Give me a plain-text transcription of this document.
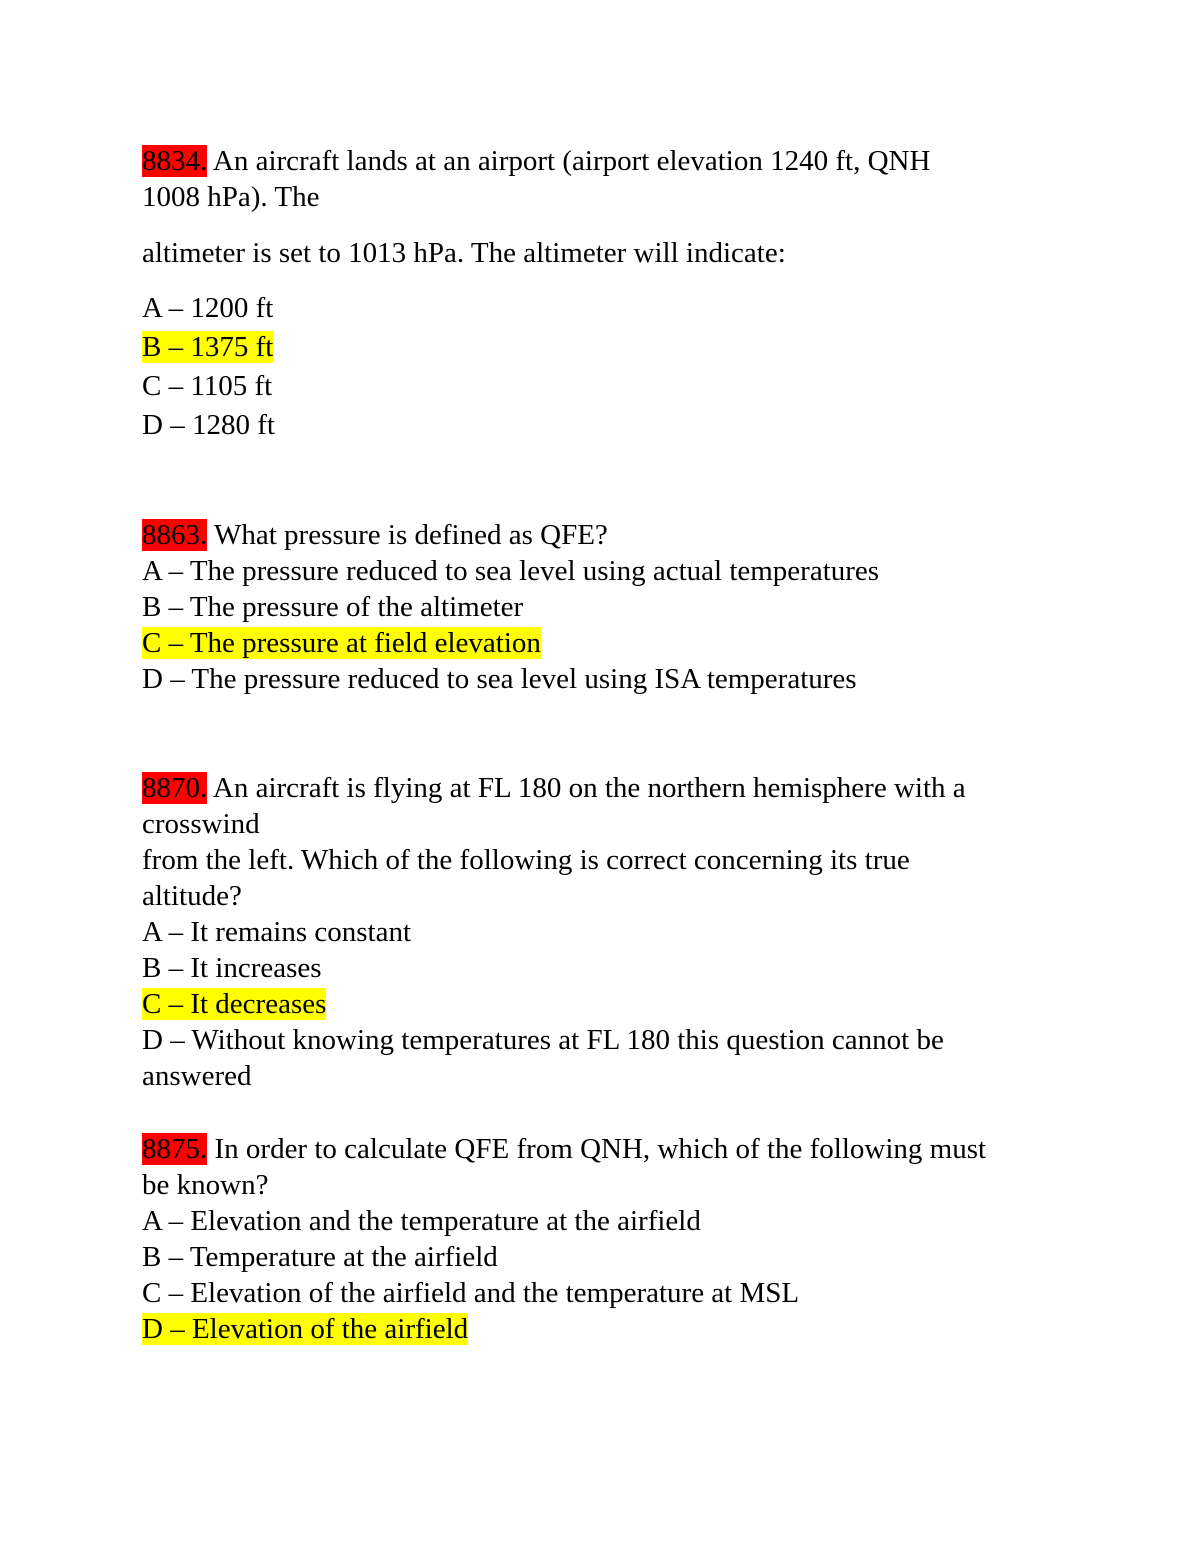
8834. An aircraft lands at an airport (airport elevation 1240 ft, QNH
1008 hPa). The
altimeter is set to 1013 hPa. The altimeter will indicate:
A – 1200 ft
B – 1375 ft
C – 1105 ft
D – 1280 ft
8863. What pressure is defined as QFE?
A – The pressure reduced to sea level using actual temperatures
B – The pressure of the altimeter
C – The pressure at field elevation
D – The pressure reduced to sea level using ISA temperatures
8870. An aircraft is flying at FL 180 on the northern hemisphere with a
crosswind
from the left. Which of the following is correct concerning its true
altitude?
A – It remains constant
B – It increases
C – It decreases
D – Without knowing temperatures at FL 180 this question cannot be
answered
8875. In order to calculate QFE from QNH, which of the following must
be known?
A – Elevation and the temperature at the airfield
B – Temperature at the airfield
C – Elevation of the airfield and the temperature at MSL
D – Elevation of the airfield
